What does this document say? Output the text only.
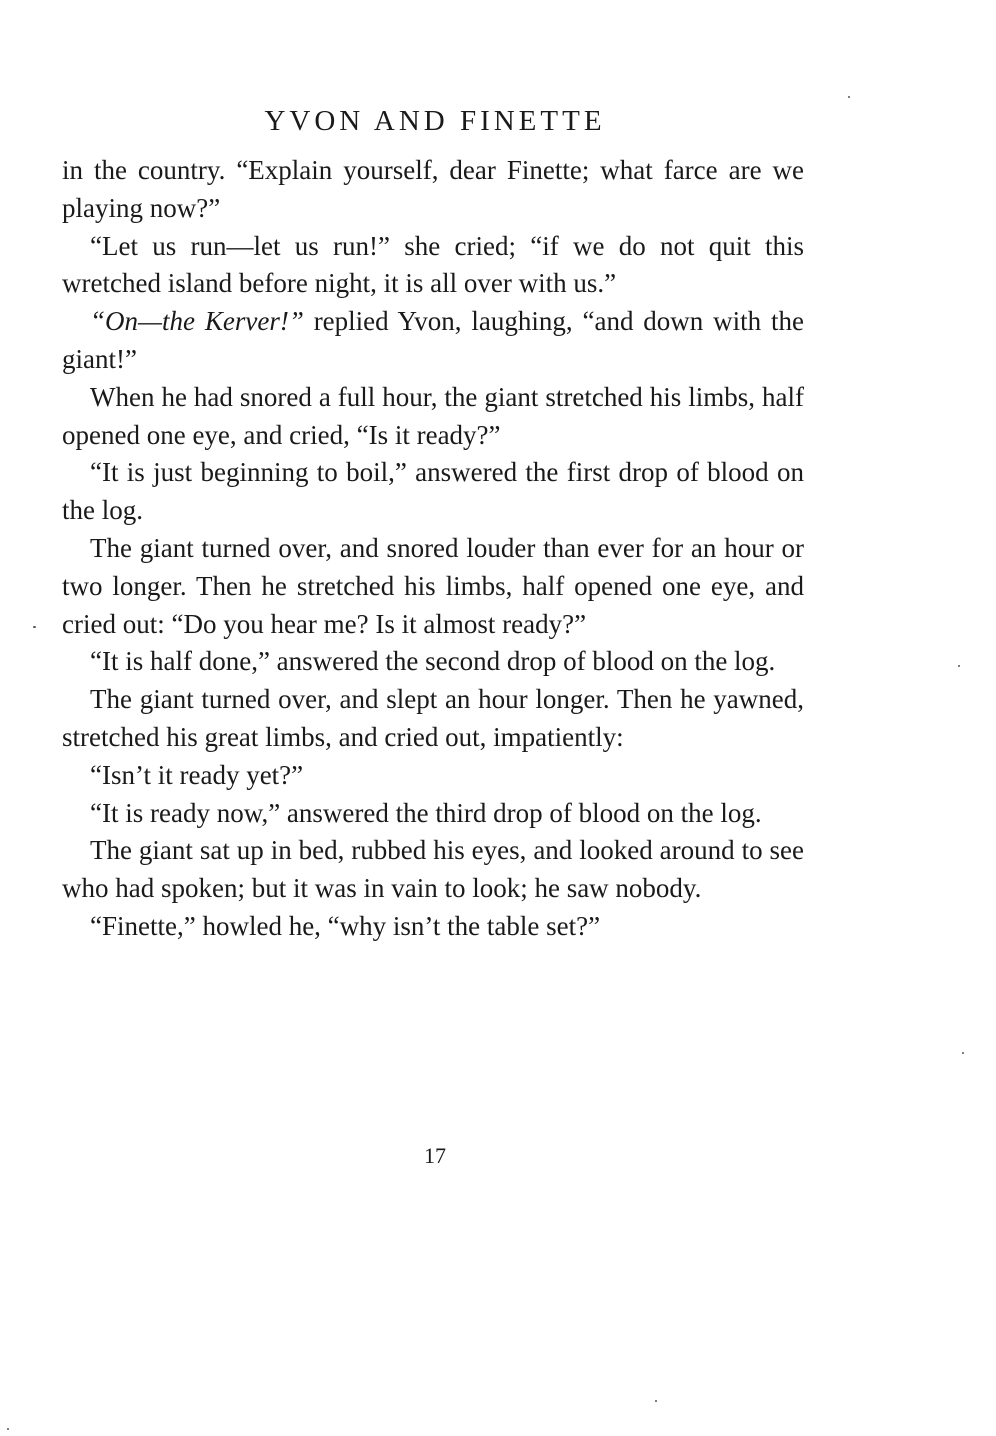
YVON AND FINETTE

in the country. “Explain yourself, dear Finette; what farce are we playing now?”

“Let us run—let us run!” she cried; “if we do not quit this wretched island before night, it is all over with us.”

“On—the Kerver!” replied Yvon, laughing, “and down with the giant!”

When he had snored a full hour, the giant stretched his limbs, half opened one eye, and cried, “Is it ready?”

“It is just beginning to boil,” answered the first drop of blood on the log.

The giant turned over, and snored louder than ever for an hour or two longer. Then he stretched his limbs, half opened one eye, and cried out: “Do you hear me? Is it almost ready?”

“It is half done,” answered the second drop of blood on the log.

The giant turned over, and slept an hour longer. Then he yawned, stretched his great limbs, and cried out, impatiently:

“Isn’t it ready yet?”

“It is ready now,” answered the third drop of blood on the log.

The giant sat up in bed, rubbed his eyes, and looked around to see who had spoken; but it was in vain to look; he saw nobody.

“Finette,” howled he, “why isn’t the table set?”

17
